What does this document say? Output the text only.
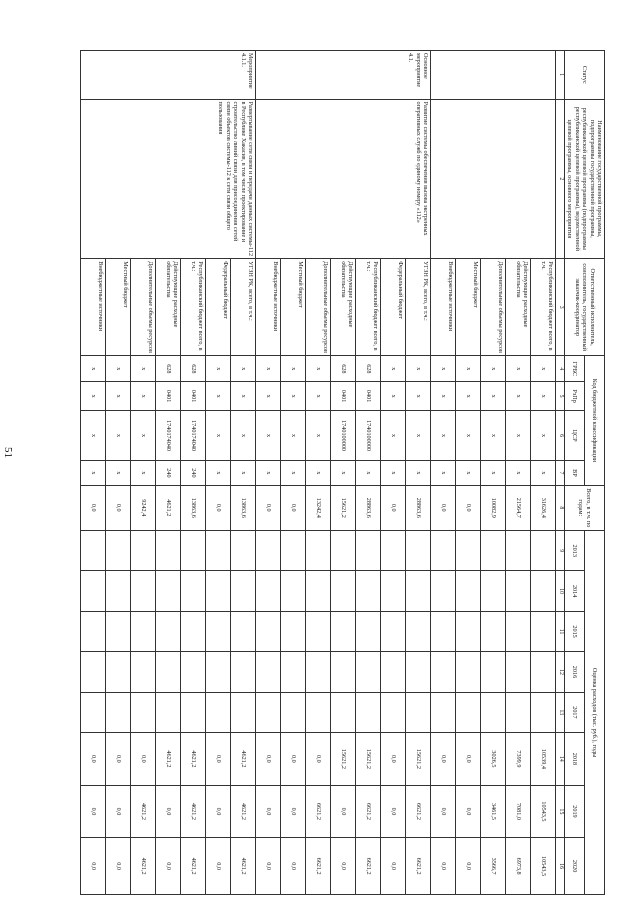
51
Статус	Наименование государственной программы, подпрограммы государственной программы, республиканской целевой программы (подпрограммы республиканской целевой программы), ведомственной целевой программы, основного мероприятия	Ответственный исполнитель, соисполнитель, государственный заказчик-координатор	Код бюджетной классификации				Всего, в т.ч. по годам:	Оценка расходов (тыс. руб.), годы							
			ГРБС	РзПр	ЦСР	ВР		2013	2014	2015	2016	2017	2018	2019	2020
1	2	3	4	5	6	7	8	9	10	11	12	13	14	15	16
		Республиканский бюджет всего, в т.ч.	х	х	х	х	31626,4						10539,4	10543,5	10543,5
		Действующие расходные обязательства	х	х	х	х	21564,7						7399,9	7081,0	6973,8
		Дополнительные объемы ресурсов	х	х	х	х	10082,9						3026,5	3461,5	3566,7
		Местный бюджет	х	х	х	х	0,0						0,0	0,0	0,0
		Внебюджетные источники	х	х	х	х	0,0						0,0	0,0	0,0
Основное мероприятие 4.1.	Развитие системы обеспечения вызова экстренных оперативных служб по единому номеру «112»	УГЗН РК, всего, в т.ч.:	х	х	х	х	28863,6						15621,2	6621,2	6621,2
		Федеральный бюджет	х	х	х	х	0,0						0,0	0,0	0,0
		Республиканский бюджет всего, в т.ч.:	628	0401	1740100000	х	28863,6						15621,2	6621,2	6621,2
		Действующие расходные обязательства	628	0401	1740100000	х	15621,2						15621,2	0,0	0,0
		Дополнительные объемы ресурсов	х	х	х	х	13242,4						0,0	6621,2	6621,2
		Местный бюджет	х	х	х	х	0,0						0,0	0,0	0,0
		Внебюджетные источники	х	х	х	х	0,0						0,0	0,0	0,0
Мероприятие 4.1.1.	Развертывание сети связи и передачи данных системы-112 в Республике Хакасия, в том числе проектирование и строительство линий связи для присоединения сетей связи объектов системы-112 к сети связи общего пользования	УГЗН РК, всего, в т.ч.:	х	х	х	х	13863,6						4621,2	4621,2	4621,2
		Федеральный бюджет	х	х	х	х	0,0						0,0	0,0	0,0
		Республиканский бюджет всего, в т.ч.:	628	0401	1740174040	240	13863,6						4621,2	4621,2	4621,2
		Действующие расходные обязательства	628	0401	1740174040	240	4621,2						4621,2	0,0	0,0
		Дополнительные объемы ресурсов	х	х	х	х	9242,4						0,0	4621,2	4621,2
		Местный бюджет	х	х	х	х	0,0						0,0	0,0	0,0
		Внебюджетные источники	х	х	х	х	0,0						0,0	0,0	0,0
